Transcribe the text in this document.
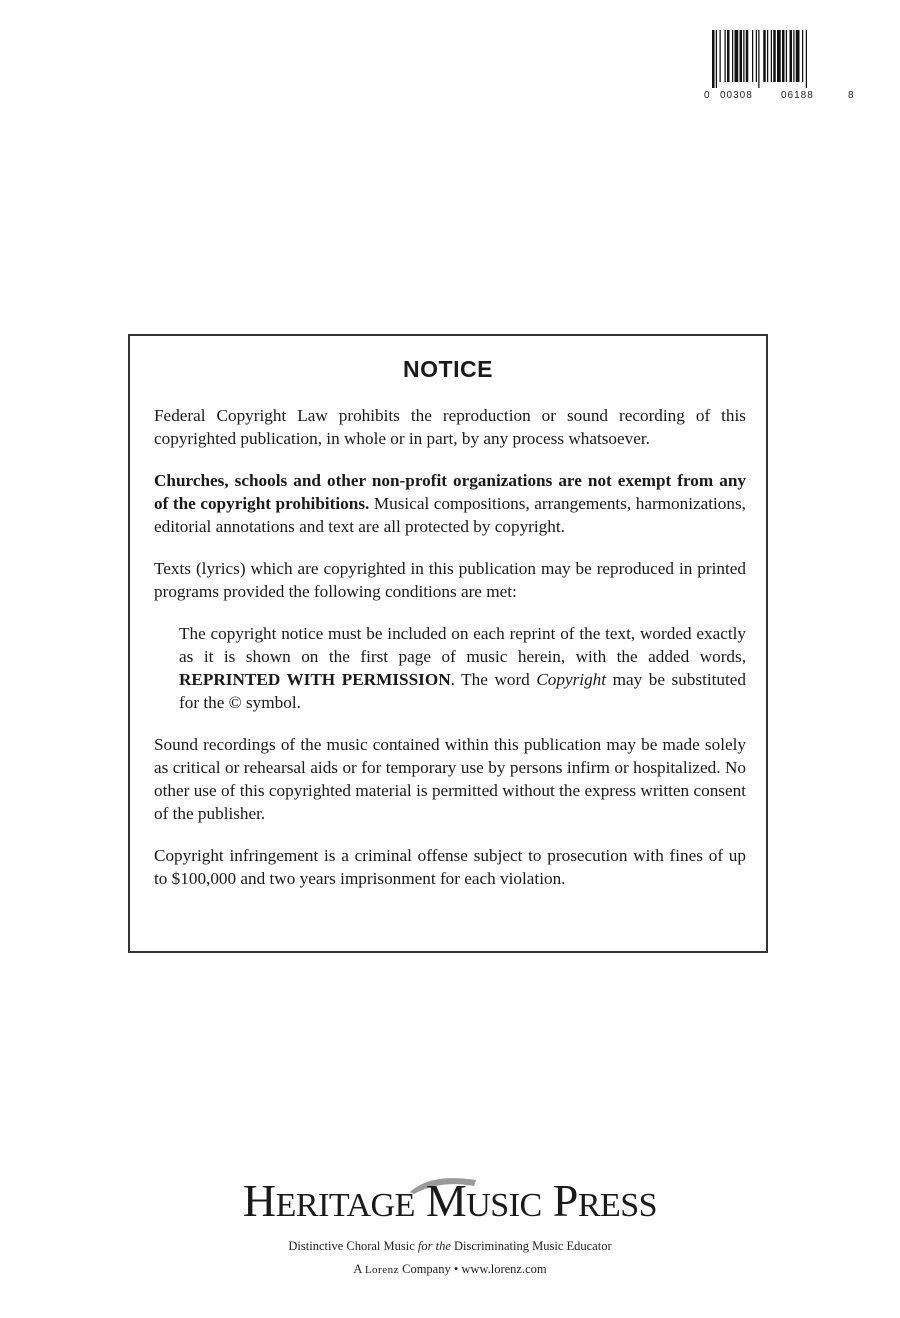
0 00308	06188	8
NOTICE

Federal Copyright Law prohibits the reproduction or sound recording of this copyrighted publication, in whole or in part, by any process whatsoever.

Churches, schools and other non-profit organizations are not exempt from any of the copyright prohibitions. Musical compositions, arrangements, harmonizations, editorial annotations and text are all protected by copyright.

Texts (lyrics) which are copyrighted in this publication may be reproduced in printed programs provided the following conditions are met:

The copyright notice must be included on each reprint of the text, worded exactly as it is shown on the first page of music herein, with the added words, REPRINTED WITH PERMISSION. The word Copyright may be substituted for the © symbol.

Sound recordings of the music contained within this publication may be made solely as critical or rehearsal aids or for temporary use by persons infirm or hospitalized. No other use of this copyrighted material is permitted without the express written consent of the publisher.

Copyright infringement is a criminal offense subject to prosecution with fines of up to $100,000 and two years imprisonment for each violation.

HERITAGE MUSIC PRESS
Distinctive Choral Music for the Discriminating Music Educator
A Lorenz Company • www.lorenz.com
